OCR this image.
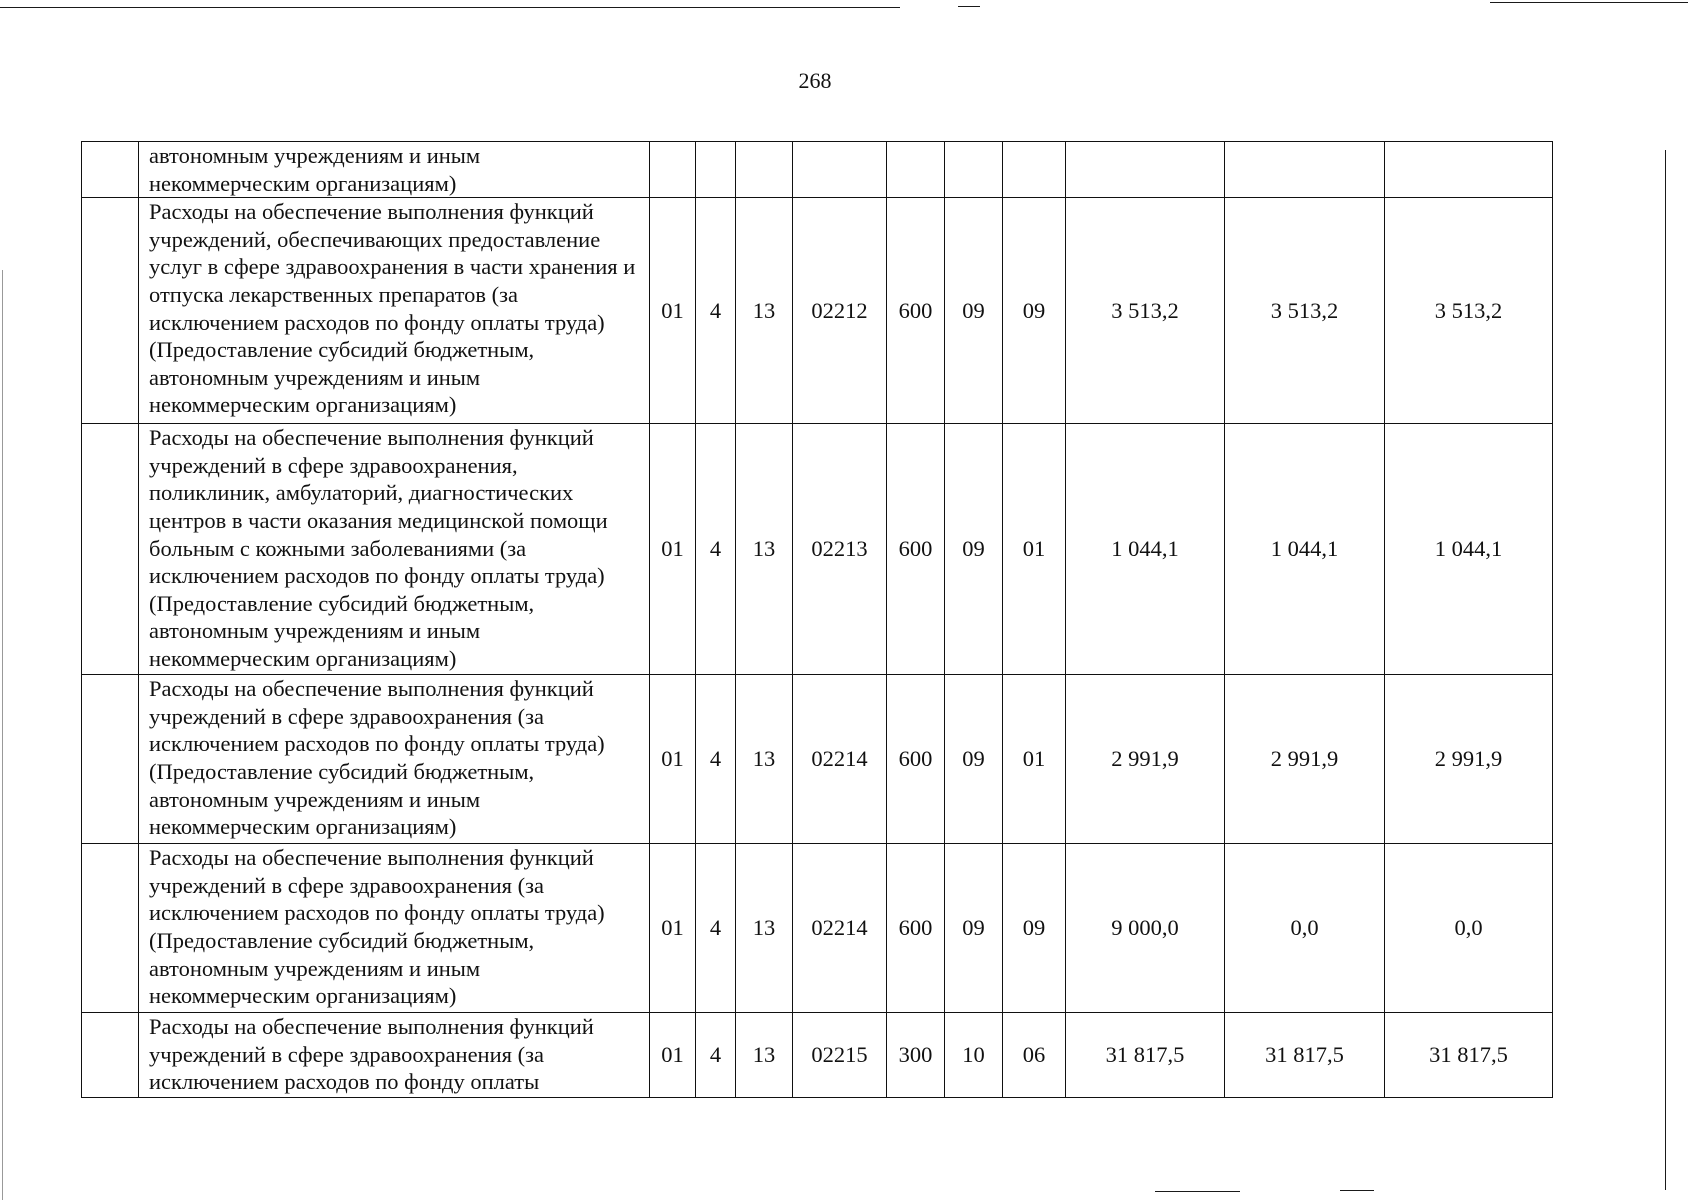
268
	автономным учреждениям и иным некоммерческим организациям)										
	Расходы на обеспечение выполнения функций учреждений, обеспечивающих предоставление услуг в сфере здравоохранения в части хранения и отпуска лекарственных препаратов (за исключением расходов по фонду оплаты труда) (Предоставление субсидий бюджетным, автономным учреждениям и иным некоммерческим организациям)	01	4	13	02212	600	09	09	3 513,2	3 513,2	3 513,2
	Расходы на обеспечение выполнения функций учреждений в сфере здравоохранения, поликлиник, амбулаторий, диагностических центров в части оказания медицинской помощи больным с кожными заболеваниями (за исключением расходов по фонду оплаты труда) (Предоставление субсидий бюджетным, автономным учреждениям и иным некоммерческим организациям)	01	4	13	02213	600	09	01	1 044,1	1 044,1	1 044,1
	Расходы на обеспечение выполнения функций учреждений в сфере здравоохранения (за исключением расходов по фонду оплаты труда) (Предоставление субсидий бюджетным, автономным учреждениям и иным некоммерческим организациям)	01	4	13	02214	600	09	01	2 991,9	2 991,9	2 991,9
	Расходы на обеспечение выполнения функций учреждений в сфере здравоохранения (за исключением расходов по фонду оплаты труда) (Предоставление субсидий бюджетным, автономным учреждениям и иным некоммерческим организациям)	01	4	13	02214	600	09	09	9 000,0	0,0	0,0
	Расходы на обеспечение выполнения функций учреждений в сфере здравоохранения (за исключением расходов по фонду оплаты	01	4	13	02215	300	10	06	31 817,5	31 817,5	31 817,5
